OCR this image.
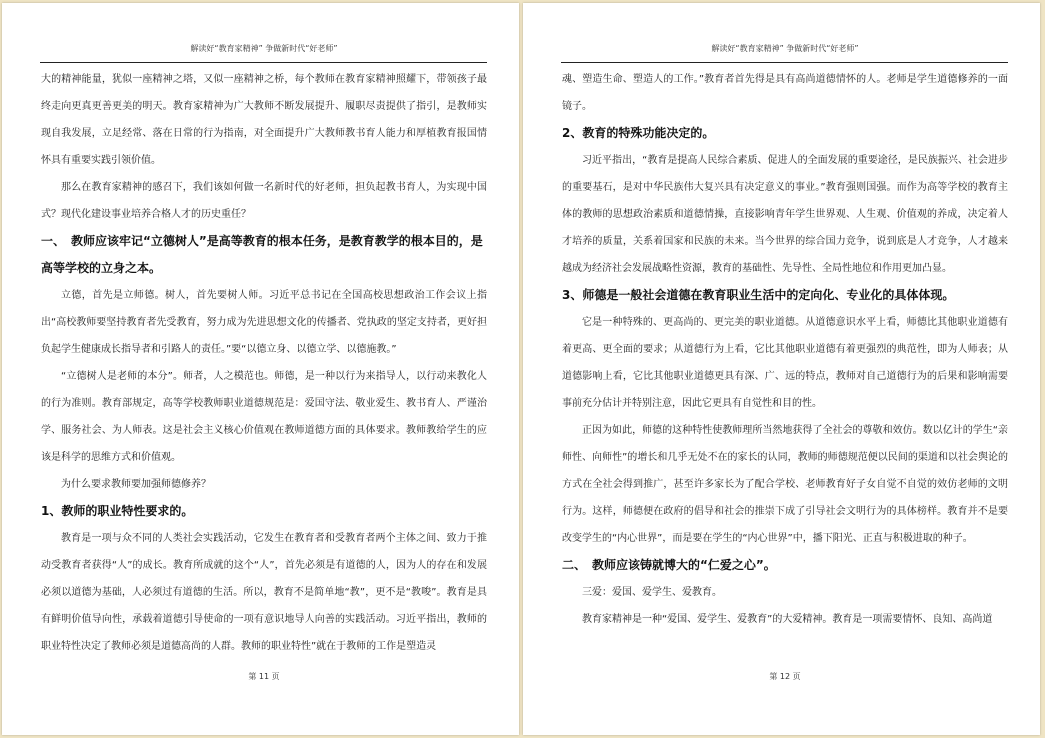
解读好“教育家精神” 争做新时代“好老师”

大的精神能量，犹似一座精神之塔，又似一座精神之桥，每个教师在教育家精神照耀下，带领孩子最终走向更真更善更美的明天。教育家精神为广大教师不断发展提升、履职尽责提供了指引，是教师实现自我发展，立足经常、落在日常的行为指南，对全面提升广大教师教书育人能力和厚植教育报国情怀具有重要实践引领价值。

那么在教育家精神的感召下，我们该如何做一名新时代的好老师，担负起教书育人，为实现中国式？现代化建设事业培养合格人才的历史重任？

一、　教师应该牢记“立德树人”是高等教育的根本任务，是教育教学的根本目的，是高等学校的立身之本。

立德，首先是立师德。树人，首先要树人师。习近平总书记在全国高校思想政治工作会议上指出“高校教师要坚持教育者先受教育，努力成为先进思想文化的传播者、党执政的坚定支持者，更好担负起学生健康成长指导者和引路人的责任。”要“以德立身、以德立学、以德施教。”

“立德树人是老师的本分”。师者，人之模范也。师德，是一种以行为来指导人，以行动来教化人的行为准则。教育部规定，高等学校教师职业道德规范是：爱国守法、敬业爱生、教书育人、严谨治学、服务社会、为人师表。这是社会主义核心价值观在教师道德方面的具体要求。教师教给学生的应该是科学的思维方式和价值观。

为什么要求教师要加强师德修养？

1、教师的职业特性要求的。

教育是一项与众不同的人类社会实践活动，它发生在教育者和受教育者两个主体之间、致力于推动受教育者获得“人”的成长。教育所成就的这个“人”，首先必须是有道德的人，因为人的存在和发展必须以道德为基础，人必须过有道德的生活。所以，教育不是简单地“教”，更不是“教唆”。教育是具有鲜明价值导向性，承载着道德引导使命的一项有意识地导人向善的实践活动。习近平指出，教师的职业特性决定了教师必须是道德高尚的人群。教师的职业特性”就在于教师的工作是塑造灵

第 11 页
解读好“教育家精神” 争做新时代“好老师”

魂、塑造生命、塑造人的工作。”教育者首先得是具有高尚道德情怀的人。老师是学生道德修养的一面镜子。

2、教育的特殊功能决定的。

习近平指出，“教育是提高人民综合素质、促进人的全面发展的重要途径，是民族振兴、社会进步的重要基石，是对中华民族伟大复兴具有决定意义的事业。”教育强则国强。而作为高等学校的教育主体的教师的思想政治素质和道德情操，直接影响青年学生世界观、人生观、价值观的养成，决定着人才培养的质量，关系着国家和民族的未来。当今世界的综合国力竞争，说到底是人才竞争，人才越来越成为经济社会发展战略性资源，教育的基础性、先导性、全局性地位和作用更加凸显。

3、师德是一般社会道德在教育职业生活中的定向化、专业化的具体体现。

它是一种特殊的、更高尚的、更完美的职业道德。从道德意识水平上看，师德比其他职业道德有着更高、更全面的要求；从道德行为上看，它比其他职业道德有着更强烈的典范性，即为人师表；从道德影响上看，它比其他职业道德更具有深、广、远的特点，教师对自己道德行为的后果和影响需要事前充分估计并特别注意，因此它更具有自觉性和目的性。

正因为如此，师德的这种特性使教师理所当然地获得了全社会的尊敬和效仿。数以亿计的学生“亲师性、向师性”的增长和几乎无处不在的家长的认同，教师的师德规范便以民间的渠道和以社会舆论的方式在全社会得到推广，甚至许多家长为了配合学校、老师教育好子女自觉不自觉的效仿老师的文明行为。这样，师德便在政府的倡导和社会的推崇下成了引导社会文明行为的具体榜样。教育并不是要改变学生的“内心世界”，而是要在学生的“内心世界”中，播下阳光、正直与积极进取的种子。

二、　教师应该铸就博大的“仁爱之心”。

三爱：爱国、爱学生、爱教育。

教育家精神是一种“爱国、爱学生、爱教育”的大爱精神。教育是一项需要情怀、良知、高尚道

第 12 页
